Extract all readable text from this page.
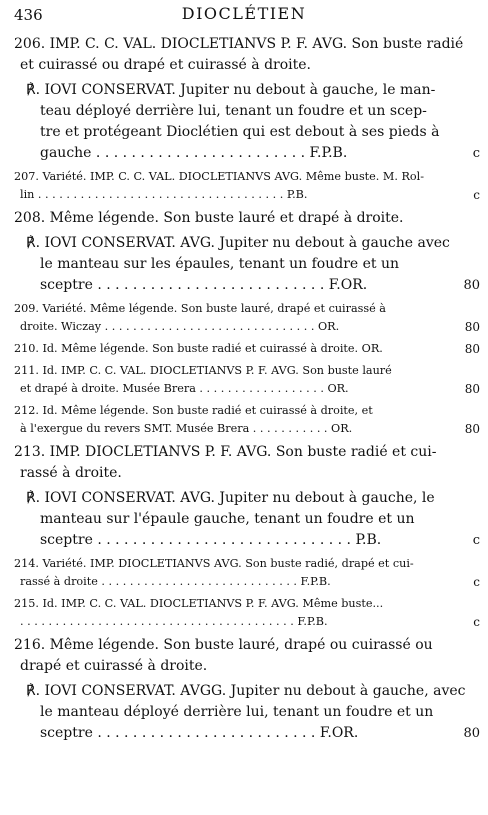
436	DIOCLÉTIEN
206. IMP. C. C. VAL. DIOCLETIANVS P. F. AVG. Son buste radié
et cuirassé ou drapé et cuirassé à droite.
℟. IOVI CONSERVAT. Jupiter nu debout à gauche, le man-
teau déployé derrière lui, tenant un foudre et un scep-
tre et protégeant Dioclétien qui est debout à ses pieds à
gauche . . . . . . . . . . . . . . . . . . . . . . . . F.P.B.	c
207. Variété. IMP. C. C. VAL. DIOCLETIANVS AVG. Même buste. M. Rol-
lin . . . . . . . . . . . . . . . . . . . . . . . . . . . . . . . . . . . P.B.	c
208. Même légende. Son buste lauré et drapé à droite.
℟. IOVI CONSERVAT. AVG. Jupiter nu debout à gauche avec
le manteau sur les épaules, tenant un foudre et un
sceptre . . . . . . . . . . . . . . . . . . . . . . . . . . F.OR.	80
209. Variété. Même légende. Son buste lauré, drapé et cuirassé à
droite. Wiczay . . . . . . . . . . . . . . . . . . . . . . . . . . . . . . OR.	80
210. Id. Même légende. Son buste radié et cuirassé à droite. OR.	80
211. Id. IMP. C. C. VAL. DIOCLETIANVS P. F. AVG. Son buste lauré
et drapé à droite. Musée Brera . . . . . . . . . . . . . . . . . . OR.	80
212. Id. Même légende. Son buste radié et cuirassé à droite, et
à l'exergue du revers SMT. Musée Brera . . . . . . . . . . . OR.	80
213. IMP. DIOCLETIANVS P. F. AVG. Son buste radié et cui-
rassé à droite.
℟. IOVI CONSERVAT. AVG. Jupiter nu debout à gauche, le
manteau sur l'épaule gauche, tenant un foudre et un
sceptre . . . . . . . . . . . . . . . . . . . . . . . . . . . . . P.B.	c
214. Variété. IMP. DIOCLETIANVS AVG. Son buste radié, drapé et cui-
rassé à droite . . . . . . . . . . . . . . . . . . . . . . . . . . . . F.P.B.	c
215. Id. IMP. C. C. VAL. DIOCLETIANVS P. F. AVG. Même buste...
. . . . . . . . . . . . . . . . . . . . . . . . . . . . . . . . . . . . . . . F.P.B.	c
216. Même légende. Son buste lauré, drapé ou cuirassé ou
drapé et cuirassé à droite.
℟. IOVI CONSERVAT. AVGG. Jupiter nu debout à gauche, avec
le manteau déployé derrière lui, tenant un foudre et un
sceptre . . . . . . . . . . . . . . . . . . . . . . . . . F.OR.	80
